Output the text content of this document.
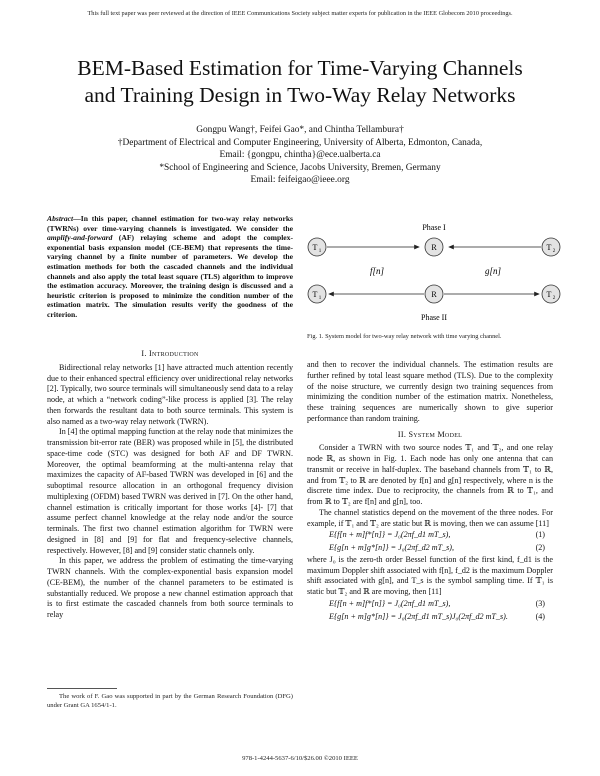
This full text paper was peer reviewed at the direction of IEEE Communications Society subject matter experts for publication in the IEEE Globecom 2010 proceedings.
BEM-Based Estimation for Time-Varying Channels
and Training Design in Two-Way Relay Networks
Gongpu Wang†, Feifei Gao*, and Chintha Tellambura†
†Department of Electrical and Computer Engineering, University of Alberta, Edmonton, Canada,
Email: {gongpu, chintha}@ece.ualberta.ca
*School of Engineering and Science, Jacobs University, Bremen, Germany
Email: feifeigao@ieee.org
Abstract—In this paper, channel estimation for two-way relay networks (TWRNs) over time-varying channels is investigated. We consider the amplify-and-forward (AF) relaying scheme and adopt the complex-exponential basis expansion model (CE-BEM) that represents the time-varying channel by a finite number of parameters. We develop the estimation methods for both the cascaded channels and the individual channels and also apply the total least square (TLS) algorithm to improve the estimation accuracy. Moreover, the training design is discussed and a heuristic criterion is proposed to minimize the condition number of the estimation matrix. The simulation results verify the goodness of the criterion.
I. Introduction

Bidirectional relay networks [1] have attracted much attention recently due to their enhanced spectral efficiency over unidirectional relay networks [2]. Typically, two source terminals will simultaneously send data to a relay node, at which a “network coding”-like process is applied [3]. The relay then forwards the resultant data to both source terminals. This system is also named as a two-way relay network (TWRN).

In [4] the optimal mapping function at the relay node that minimizes the transmission bit-error rate (BER) was proposed while in [5], the distributed space-time code (STC) was designed for both AF and DF TWRN. Moreover, the optimal beamforming at the multi-antenna relay that maximizes the capacity of AF-based TWRN was developed in [6] and the suboptimal resource allocation in an orthogonal frequency division multiplexing (OFDM) based TWRN was derived in [7]. On the other hand, channel estimation is critically important for those works [4]- [7] that assume perfect channel knowledge at the relay node and/or the source terminals. The first two channel estimation algorithm for TWRN were designed in [8] and [9] for flat and frequency-selective channels, respectively. However, [8] and [9] consider static channels only.

In this paper, we address the problem of estimating the time-varying TWRN channels. With the complex-exponential basis expansion model (CE-BEM), the number of the channel parameters to be estimated is substantially reduced. We propose a new channel estimation approach that is to first estimate the cascaded channels from both source terminals to relay

The work of F. Gao was supported in part by the German Research Foundation (DFG) under Grant GA 1654/1-1.
Phase I
Phase II
T 1	R	T 2
f[n]	g[n]
T 1	R	T 2
Fig. 1. System model for two-way relay network with time varying channel.

and then to recover the individual channels. The estimation results are further refined by total least square method (TLS). Due to the complexity of the noise structure, we currently design two training sequences from minimizing the condition number of the estimation matrix. Nonetheless, these training sequences are numerically shown to give superior performance than random training.

II. System Model

Consider a TWRN with two source nodes 𝕋₁ and 𝕋₂, and one relay node ℝ, as shown in Fig. 1. Each node has only one antenna that can transmit or receive in half-duplex. The baseband channels from 𝕋₁ to ℝ, and from 𝕋₂ to ℝ are denoted by f[n] and g[n] respectively, where n is the discrete time index. Due to reciprocity, the channels from ℝ to 𝕋₁, and from ℝ to 𝕋₂ are f[n] and g[n], too.

The channel statistics depend on the movement of the three nodes. For example, if 𝕋₁ and 𝕋₂ are static but ℝ is moving, then we can assume [11]

E{f[n + m]f*[n]} = J₀(2πf_d1 mT_s),	(1)
E{g[n + m]g*[n]} = J₀(2πf_d2 mT_s),	(2)

where J₀ is the zero-th order Bessel function of the first kind, f_d1 is the maximum Doppler shift associated with f[n], f_d2 is the maximum Doppler shift associated with g[n], and T_s is the symbol sampling time. If 𝕋₁ is static but 𝕋₂ and ℝ are moving, then [11]

E{f[n + m]f*[n]} = J₀(2πf_d1 mT_s),	(3)
E{g[n + m]g*[n]} = J₀(2πf_d1 mT_s)J₀(2πf_d2 mT_s).	(4)
978-1-4244-5637-6/10/$26.00 ©2010 IEEE
